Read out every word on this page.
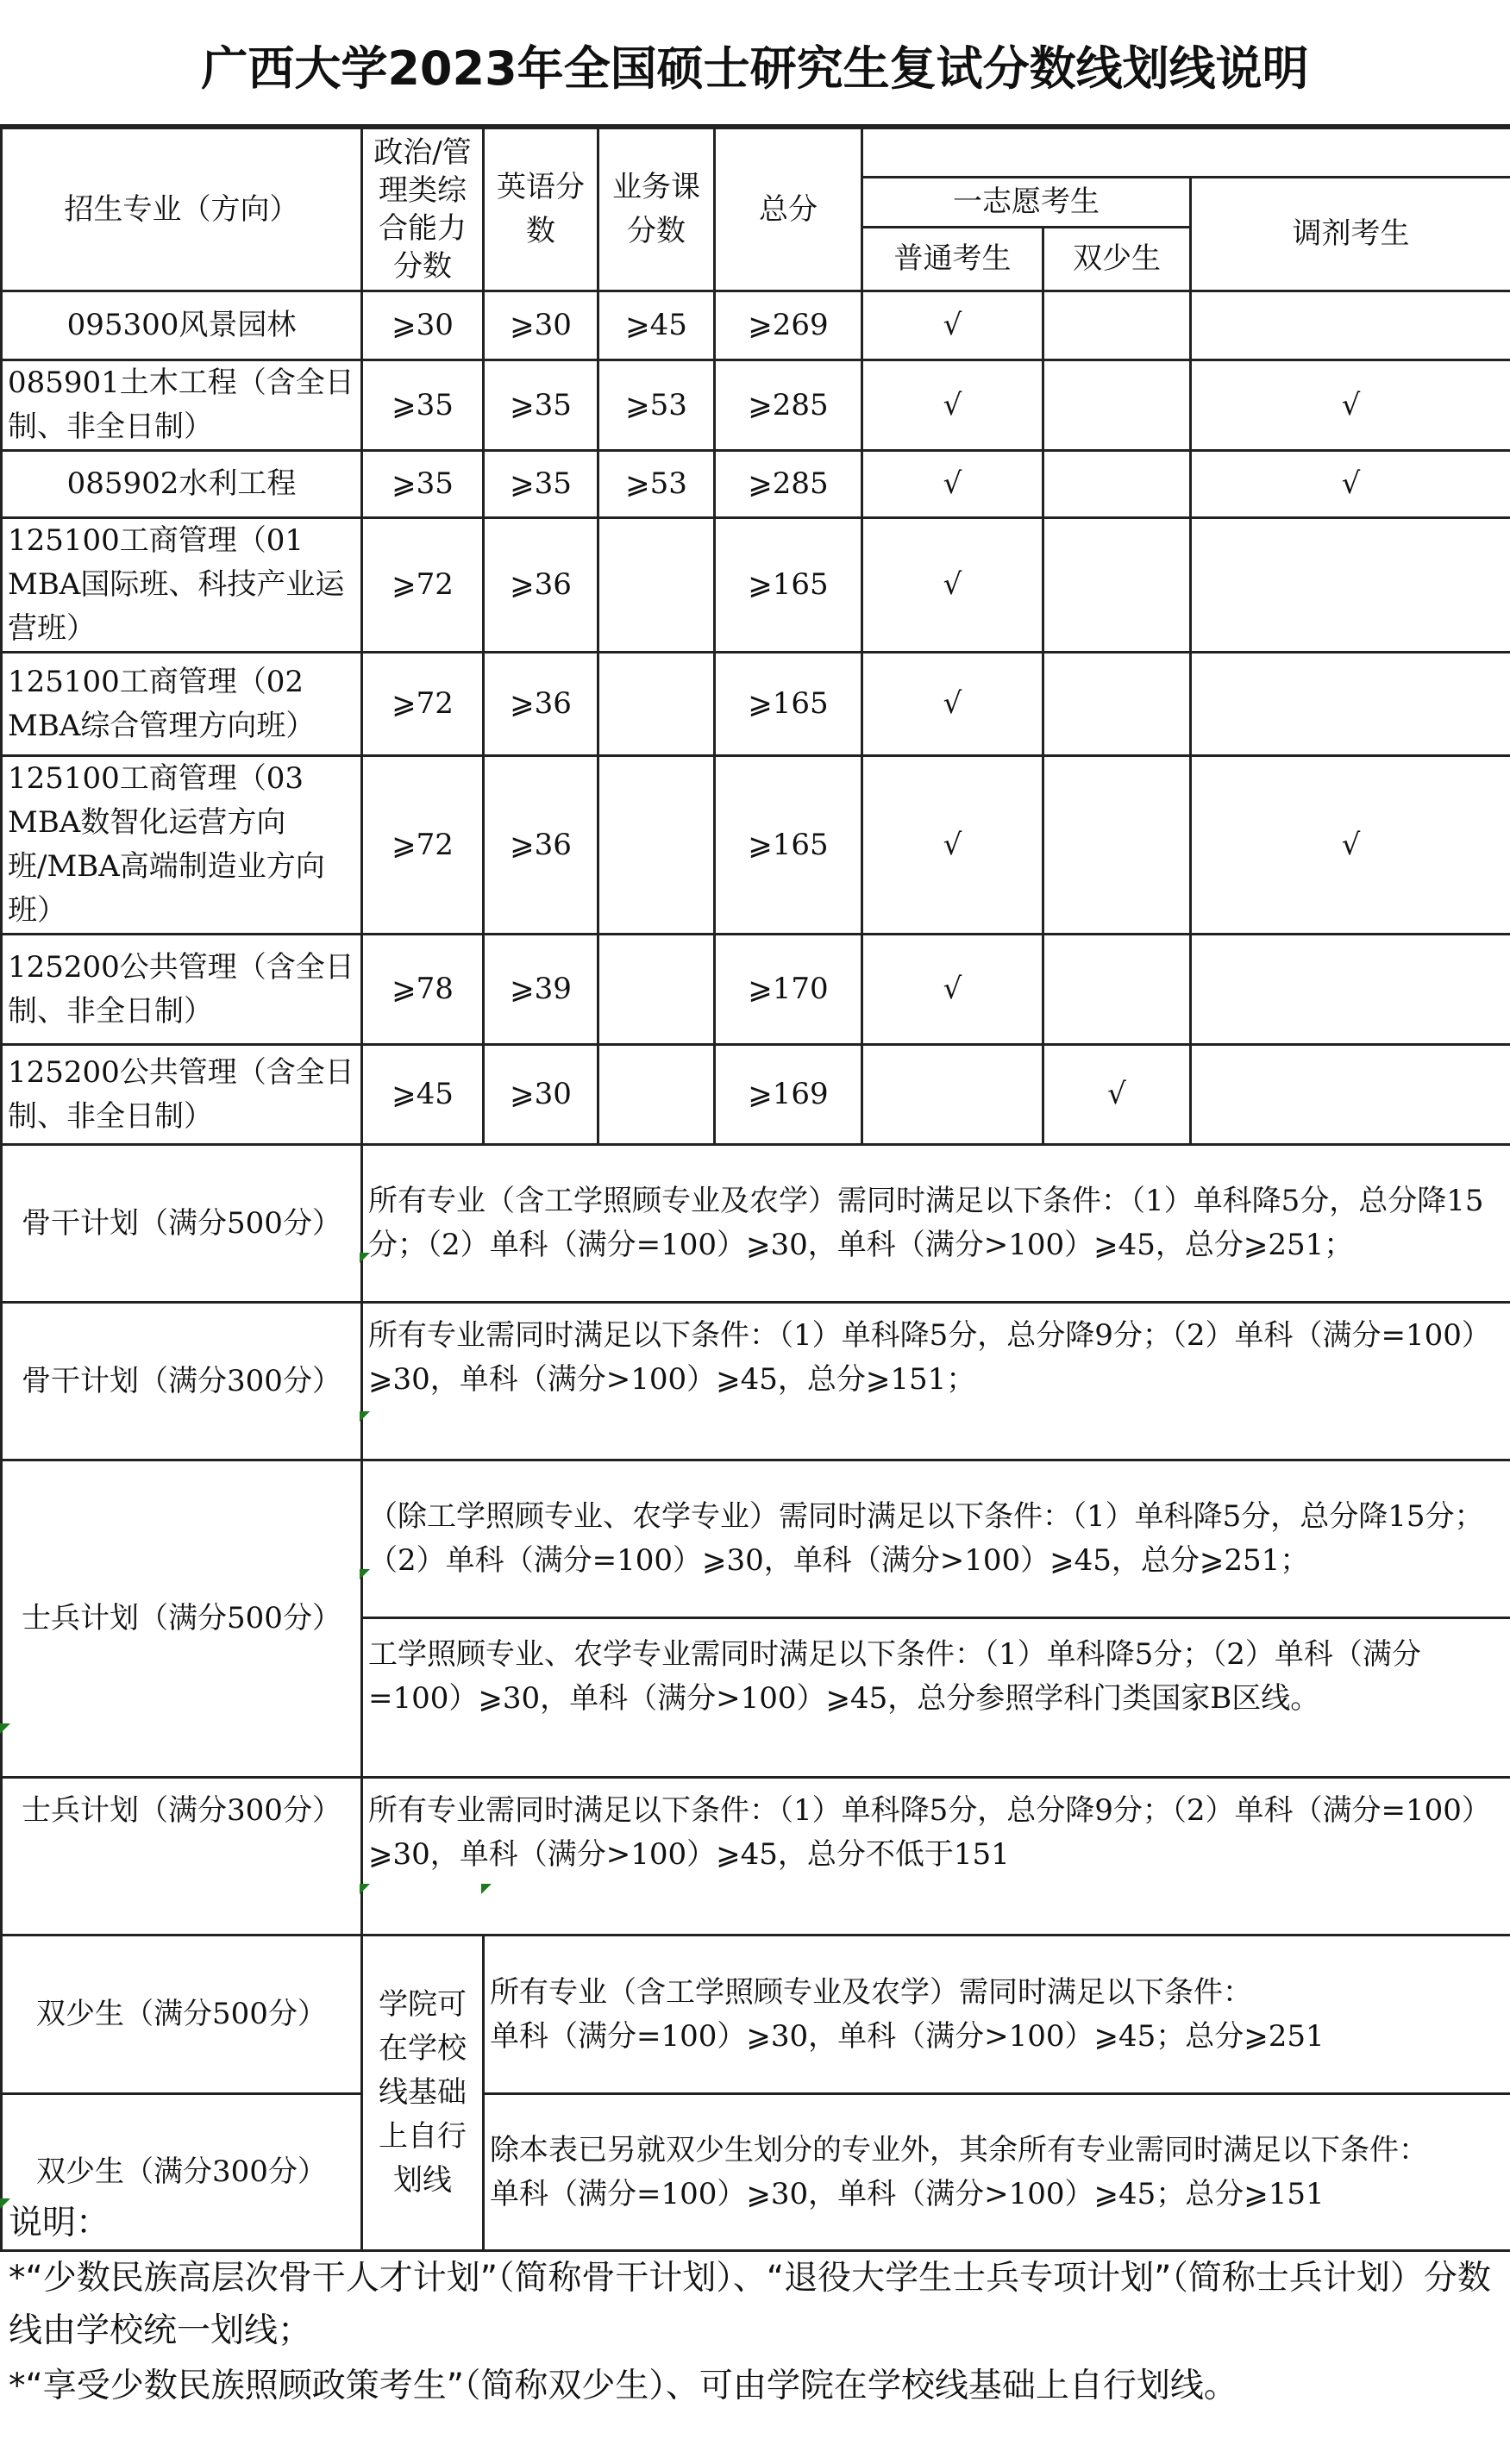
广西大学2023年全国硕士研究生复试分数线划线说明
招生专业（方向）	政治/管理类综合能力分数	英语分数	业务课分数	总分			
					一志愿考生		调剂考生
					普通考生	双少生	
095300风景园林	⩾30	⩾30	⩾45	⩾269	√		
085901土木工程（含全日制、非全日制）	⩾35	⩾35	⩾53	⩾285	√		√
085902水利工程	⩾35	⩾35	⩾53	⩾285	√		√
125100工商管理（01 MBA国际班、科技产业运营班）	⩾72	⩾36		⩾165	√		
125100工商管理（02 MBA综合管理方向班）	⩾72	⩾36		⩾165	√		
125100工商管理（03 MBA数智化运营方向班/MBA高端制造业方向班）	⩾72	⩾36		⩾165	√		√
125200公共管理（含全日制、非全日制）	⩾78	⩾39		⩾170	√		
125200公共管理（含全日制、非全日制）	⩾45	⩾30		⩾169		√	
骨干计划（满分500分）	所有专业（含工学照顾专业及农学）需同时满足以下条件：（1）单科降5分，总分降15分；（2）单科（满分=100）⩾30，单科（满分>100）⩾45，总分⩾251；						
骨干计划（满分300分）	所有专业需同时满足以下条件：（1）单科降5分，总分降9分；（2）单科（满分=100）⩾30，单科（满分>100）⩾45，总分⩾151；						
士兵计划（满分500分）	（除工学照顾专业、农学专业）需同时满足以下条件：（1）单科降5分，总分降15分；（2）单科（满分=100）⩾30，单科（满分>100）⩾45，总分⩾251；						
	工学照顾专业、农学专业需同时满足以下条件：（1）单科降5分；（2）单科（满分=100）⩾30，单科（满分>100）⩾45，总分参照学科门类国家B区线。						
士兵计划（满分300分）	所有专业需同时满足以下条件：（1）单科降5分，总分降9分；（2）单科（满分=100）⩾30，单科（满分>100）⩾45，总分不低于151						
双少生（满分500分）	学院可在学校线基础上自行划线	所有专业（含工学照顾专业及农学）需同时满足以下条件：
单科（满分=100）⩾30，单科（满分>100）⩾45；总分⩾251					

双少生（满分300分）		除本表已另就双少生划分的专业外，其余所有专业需同时满足以下条件：
单科（满分=100）⩾30，单科（满分>100）⩾45；总分⩾151					
说明：
*“少数民族高层次骨干人才计划”（简称骨干计划）、“退役大学生士兵专项计划”（简称士兵计划）分数线由学校统一划线；
*“享受少数民族照顾政策考生”（简称双少生）、可由学院在学校线基础上自行划线。
